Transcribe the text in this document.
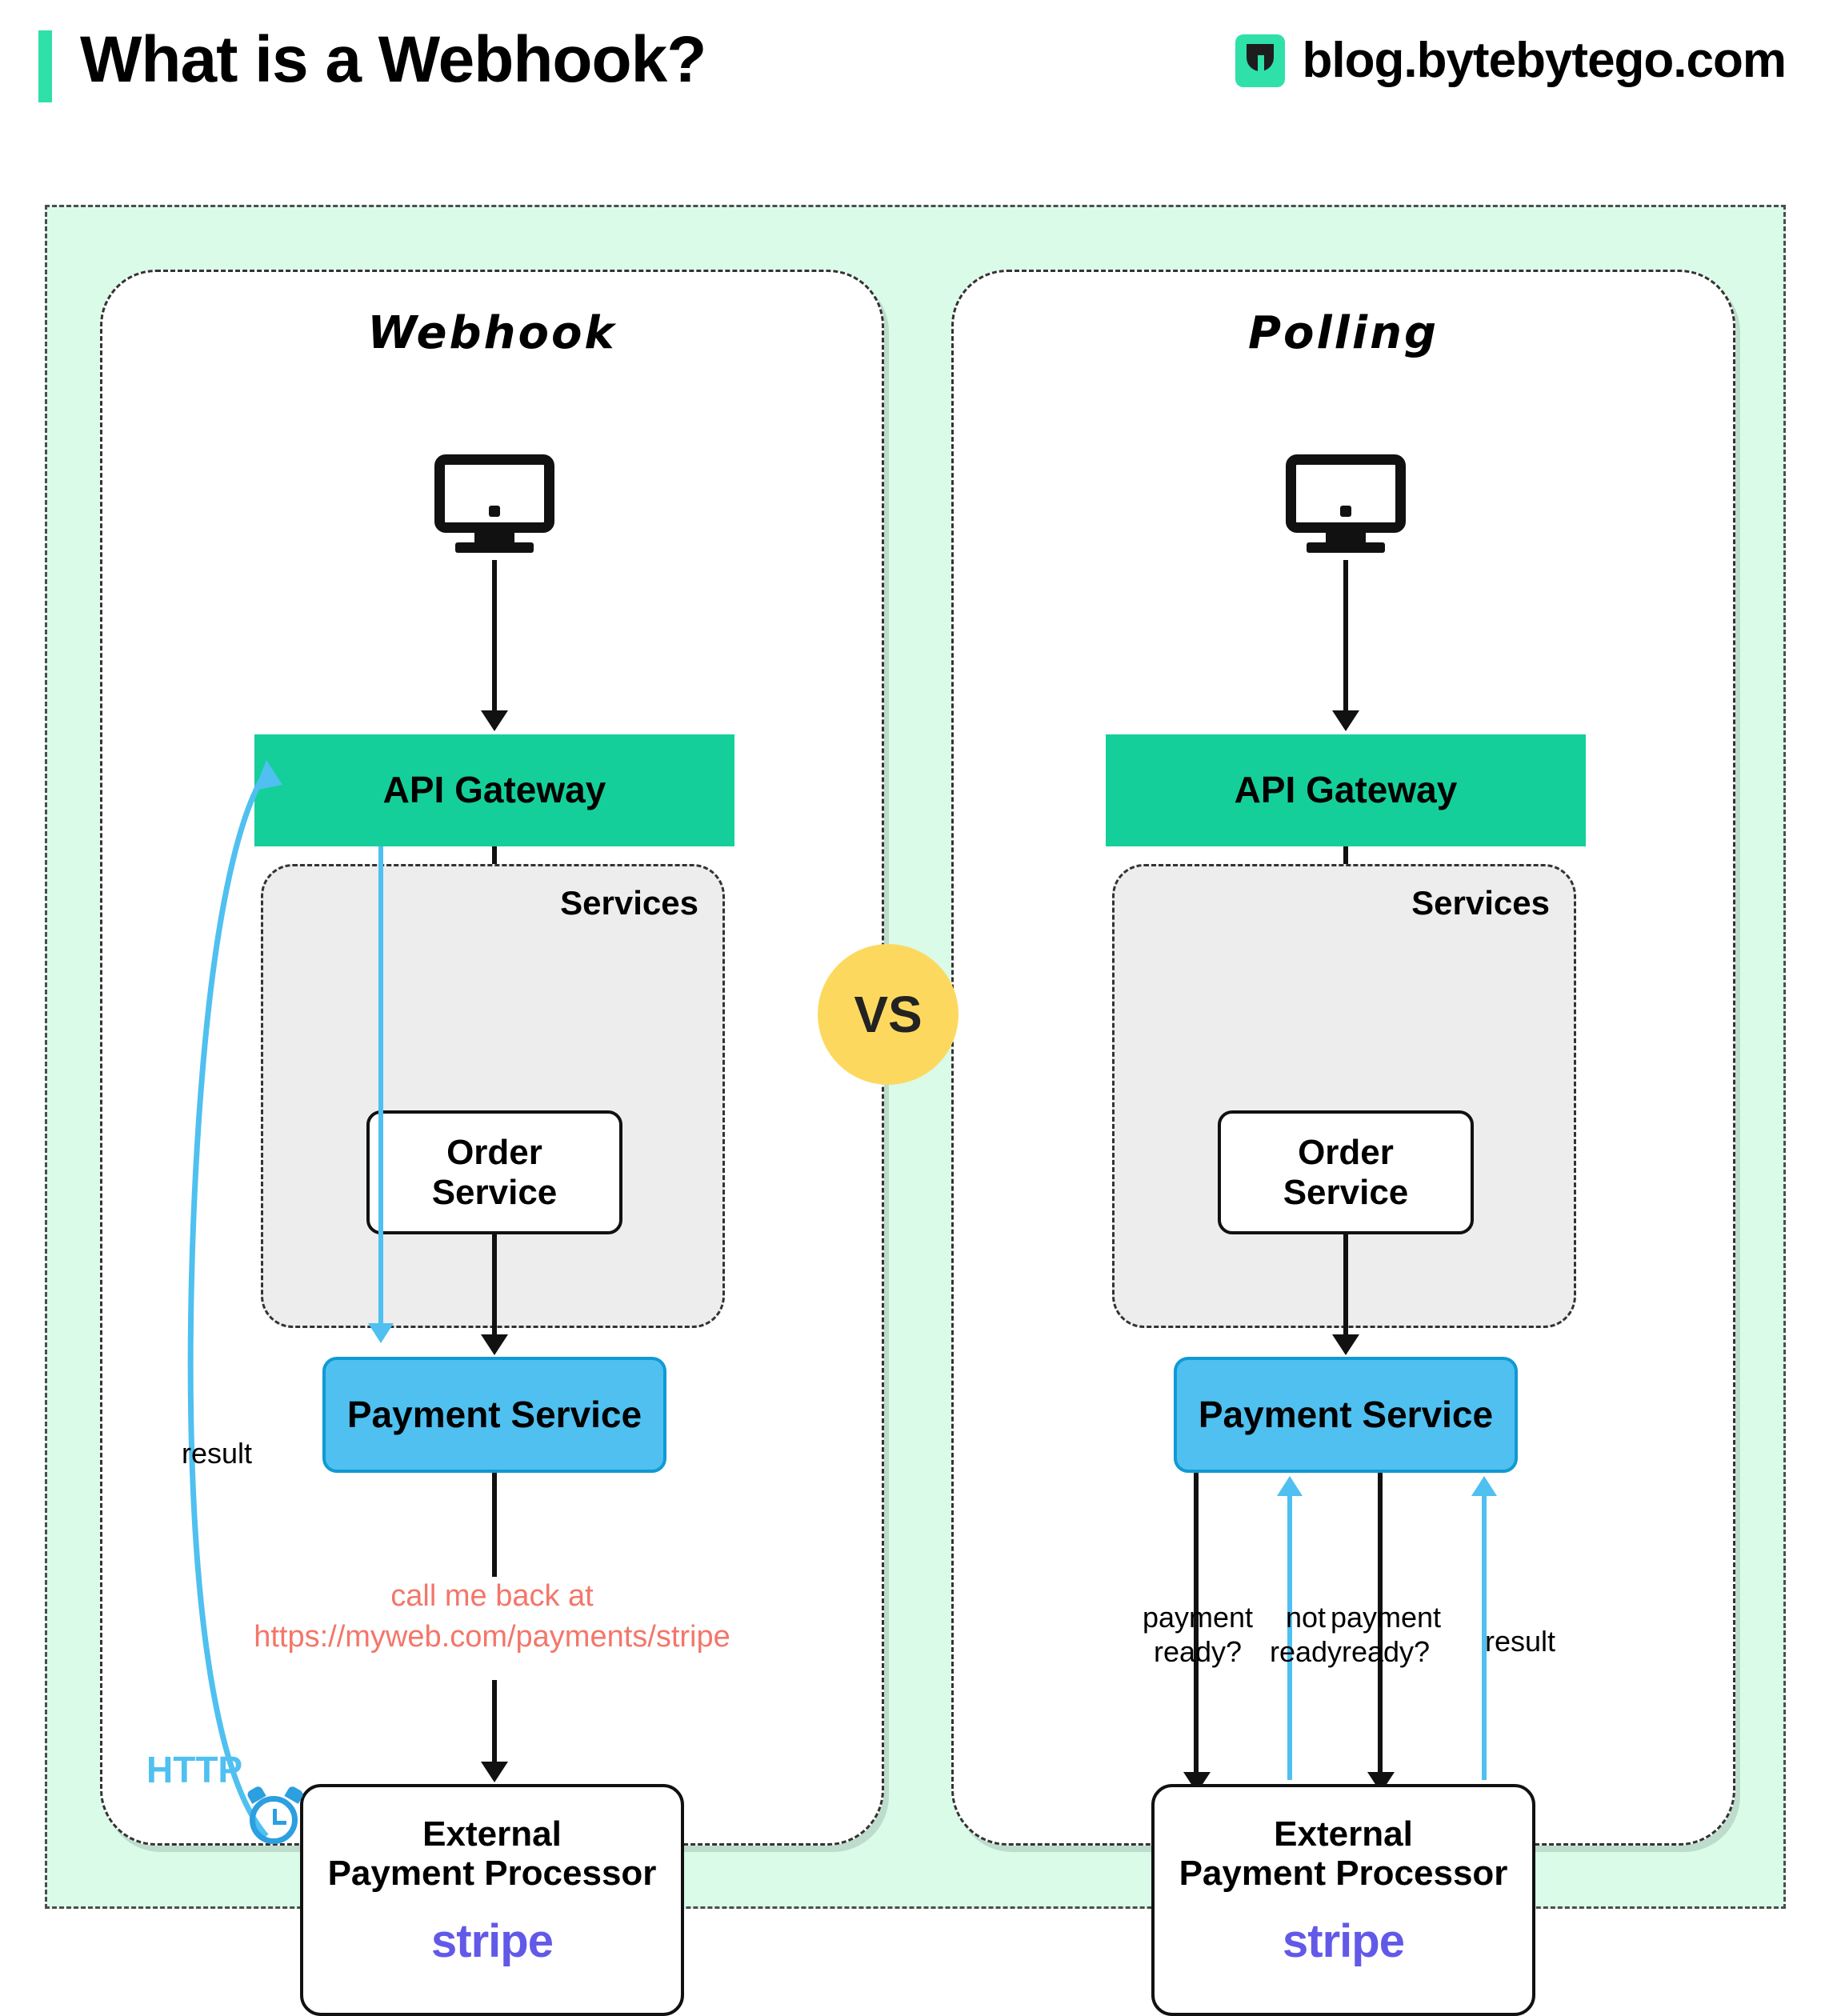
What is a Webhook?	blog.bytebytego.com
Webhook
API Gateway
Services
Order
Service
Payment Service
call me back at
https://myweb.com/payments/stripe
External
Payment Processor
stripe
result
HTTP
Polling
API Gateway
Services
Order
Service
Payment Service
payment
ready?
not
ready
payment
ready?	result
External
Payment Processor
stripe
VS
